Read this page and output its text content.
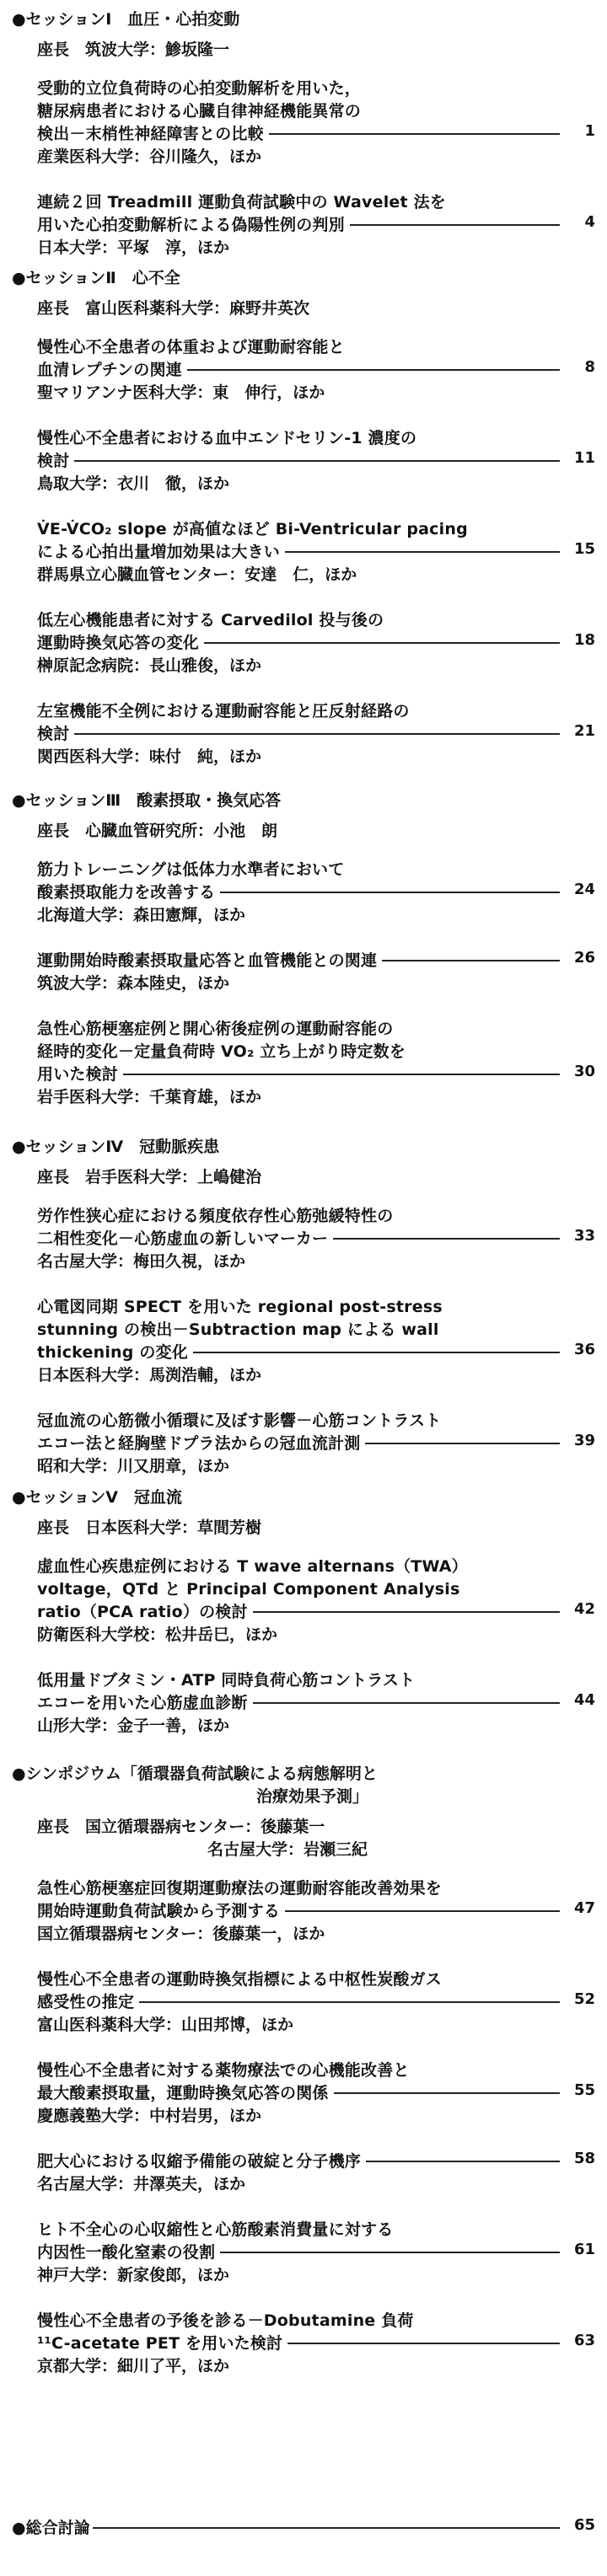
●セッションⅠ　血圧・心拍変動
座長　筑波大学：鯵坂隆一
受動的立位負荷時の心拍変動解析を用いた，
糖尿病患者における心臓自律神経機能異常の
検出－末梢性神経障害との比較	1
産業医科大学：谷川隆久，ほか
連続２回 Treadmill 運動負荷試験中の Wavelet 法を
用いた心拍変動解析による偽陽性例の判別	4
日本大学：平塚　淳，ほか
●セッションⅡ　心不全
座長　富山医科薬科大学：麻野井英次
慢性心不全患者の体重および運動耐容能と
血清レプチンの関連	8
聖マリアンナ医科大学：東　伸行，ほか
慢性心不全患者における血中エンドセリン-1 濃度の
検討	11
鳥取大学：衣川　徹，ほか
V̇E-V̇CO₂ slope が高値なほど Bi-Ventricular pacing
による心拍出量増加効果は大きい	15
群馬県立心臓血管センター：安達　仁，ほか
低左心機能患者に対する Carvedilol 投与後の
運動時換気応答の変化	18
榊原記念病院：長山雅俊，ほか
左室機能不全例における運動耐容能と圧反射経路の
検討	21
関西医科大学：味付　純，ほか
●セッションⅢ　酸素摂取・換気応答
座長　心臓血管研究所：小池　朗
筋力トレーニングは低体力水準者において
酸素摂取能力を改善する	24
北海道大学：森田憲輝，ほか
運動開始時酸素摂取量応答と血管機能との関連	26
筑波大学：森本陸史，ほか
急性心筋梗塞症例と開心術後症例の運動耐容能の
経時的変化－定量負荷時 VO₂ 立ち上がり時定数を
用いた検討	30
岩手医科大学：千葉育雄，ほか
●セッションⅣ　冠動脈疾患
座長　岩手医科大学：上嶋健治
労作性狭心症における頻度依存性心筋弛緩特性の
二相性変化－心筋虚血の新しいマーカー	33
名古屋大学：梅田久視，ほか
心電図同期 SPECT を用いた regional post-stress
stunning の検出－Subtraction map による wall
thickening の変化	36
日本医科大学：馬渕浩輔，ほか
冠血流の心筋微小循環に及ぼす影響－心筋コントラスト
エコー法と経胸壁ドプラ法からの冠血流計測	39
昭和大学：川又朋章，ほか
●セッションⅤ　冠血流
座長　日本医科大学：草間芳樹
虚血性心疾患症例における T wave alternans（TWA）
voltage，QTd と Principal Component Analysis
ratio（PCA ratio）の検討	42
防衛医科大学校：松井岳巳，ほか
低用量ドブタミン・ATP 同時負荷心筋コントラスト
エコーを用いた心筋虚血診断	44
山形大学：金子一善，ほか
●シンポジウム「循環器負荷試験による病態解明と
治療効果予測」
座長　国立循環器病センター：後藤葉一
名古屋大学：岩瀬三紀
急性心筋梗塞症回復期運動療法の運動耐容能改善効果を
開始時運動負荷試験から予測する	47
国立循環器病センター：後藤葉一，ほか
慢性心不全患者の運動時換気指標による中枢性炭酸ガス
感受性の推定	52
富山医科薬科大学：山田邦博，ほか
慢性心不全患者に対する薬物療法での心機能改善と
最大酸素摂取量，運動時換気応答の関係	55
慶應義塾大学：中村岩男，ほか
肥大心における収縮予備能の破綻と分子機序	58
名古屋大学：井澤英夫，ほか
ヒト不全心の心収縮性と心筋酸素消費量に対する
内因性一酸化窒素の役割	61
神戸大学：新家俊郎，ほか
慢性心不全患者の予後を診る－Dobutamine 負荷
¹¹C-acetate PET を用いた検討	63
京都大学：細川了平，ほか
●総合討論	65
